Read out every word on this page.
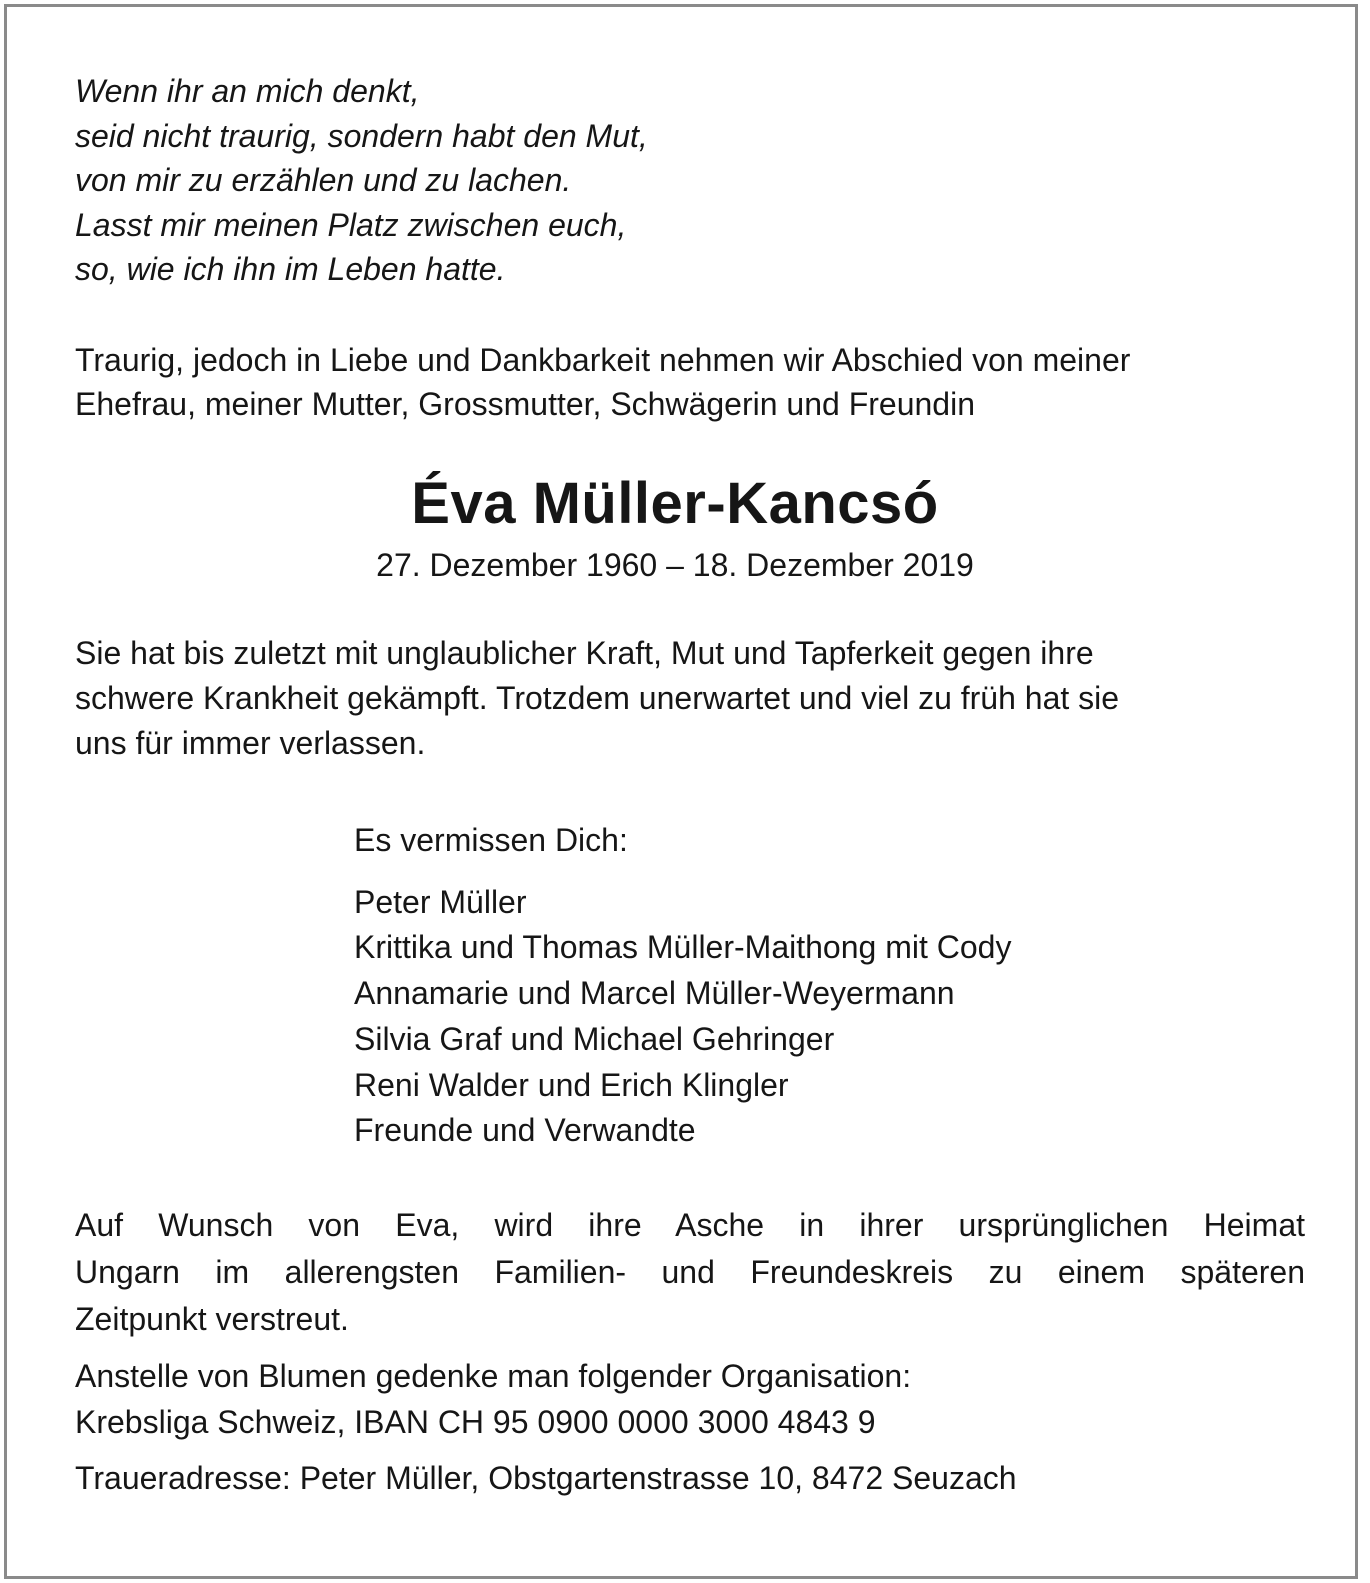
Wenn ihr an mich denkt,
seid nicht traurig, sondern habt den Mut,
von mir zu erzählen und zu lachen.
Lasst mir meinen Platz zwischen euch,
so, wie ich ihn im Leben hatte.
Traurig, jedoch in Liebe und Dankbarkeit nehmen wir Abschied von meiner
Ehefrau, meiner Mutter, Grossmutter, Schwägerin und Freundin
Éva Müller-Kancsó
27. Dezember 1960 – 18. Dezember 2019
Sie hat bis zuletzt mit unglaublicher Kraft, Mut und Tapferkeit gegen ihre
schwere Krankheit gekämpft. Trotzdem unerwartet und viel zu früh hat sie
uns für immer verlassen.
Es vermissen Dich:
Peter Müller
Krittika und Thomas Müller-Maithong mit Cody
Annamarie und Marcel Müller-Weyermann
Silvia Graf und Michael Gehringer
Reni Walder und Erich Klingler
Freunde und Verwandte
Auf Wunsch von Eva, wird ihre Asche in ihrer ursprünglichen Heimat
Ungarn im allerengsten Familien- und Freundeskreis zu einem späteren
Zeitpunkt verstreut.
Anstelle von Blumen gedenke man folgender Organisation:
Krebsliga Schweiz, IBAN CH 95 0900 0000 3000 4843 9
Traueradresse: Peter Müller, Obstgartenstrasse 10, 8472 Seuzach
